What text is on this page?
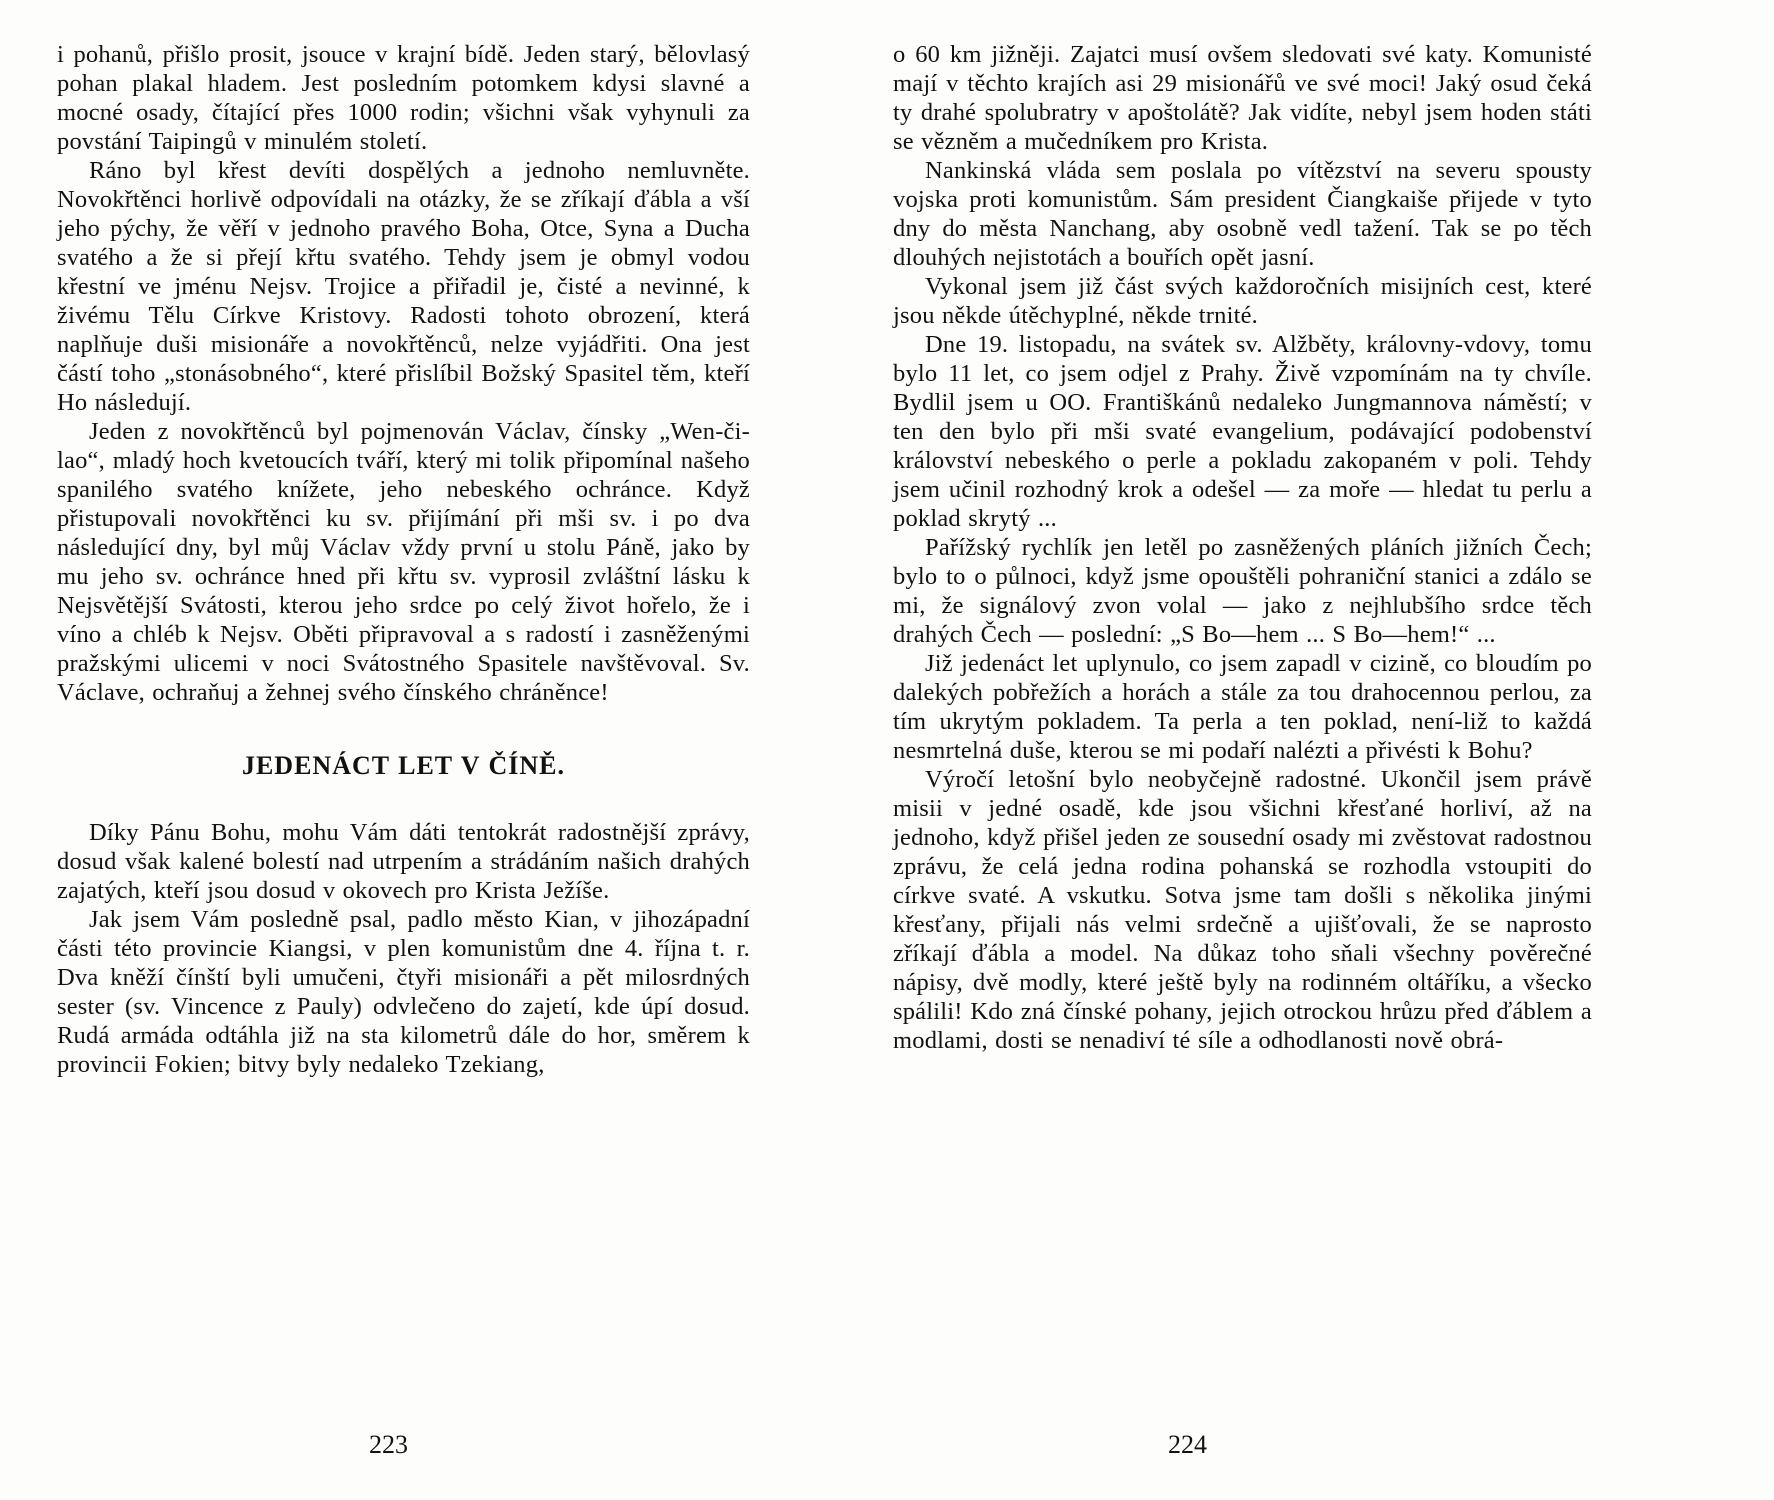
i pohanů, přišlo prosit, jsouce v krajní bídě. Jeden starý, bělovlasý pohan plakal hladem. Jest posledním potomkem kdysi slavné a mocné osady, čítající přes 1000 rodin; všichni však vyhynuli za povstání Taipingů v minulém století.

Ráno byl křest devíti dospělých a jednoho nemluvněte. Novokřtěnci horlivě odpovídali na otázky, že se zříkají ďábla a vší jeho pýchy, že věří v jednoho pravého Boha, Otce, Syna a Ducha svatého a že si přejí křtu svatého. Tehdy jsem je obmyl vodou křestní ve jménu Nejsv. Trojice a přiřadil je, čisté a nevinné, k živému Tělu Církve Kristovy. Radosti tohoto obrození, která naplňuje duši misionáře a novokřtěnců, nelze vyjádřiti. Ona jest částí toho „stonásobného“, které přislíbil Božský Spasitel těm, kteří Ho následují.

Jeden z novokřtěnců byl pojmenován Václav, čínsky „Wen-či-lao“, mladý hoch kvetoucích tváří, který mi tolik připomínal našeho spanilého svatého knížete, jeho nebeského ochránce. Když přistupovali novokřtěnci ku sv. přijímání při mši sv. i po dva následující dny, byl můj Václav vždy první u stolu Páně, jako by mu jeho sv. ochránce hned při křtu sv. vyprosil zvláštní lásku k Nejsvětější Svátosti, kterou jeho srdce po celý život hořelo, že i víno a chléb k Nejsv. Oběti připravoval a s radostí i zasněženými pražskými ulicemi v noci Svátostného Spasitele navštěvoval. Sv. Václave, ochraňuj a žehnej svého čínského chráněnce!

JEDENÁCT LET V ČÍNĚ.

Díky Pánu Bohu, mohu Vám dáti tentokrát radostnější zprávy, dosud však kalené bolestí nad utrpením a strádáním našich drahých zajatých, kteří jsou dosud v okovech pro Krista Ježíše.

Jak jsem Vám posledně psal, padlo město Kian, v jihozápadní části této provincie Kiangsi, v plen komunistům dne 4. října t. r. Dva kněží čínští byli umučeni, čtyři misionáři a pět milosrdných sester (sv. Vincence z Pauly) odvlečeno do zajetí, kde úpí dosud. Rudá armáda odtáhla již na sta kilometrů dále do hor, směrem k provincii Fokien; bitvy byly nedaleko Tzekiang,

223

o 60 km jižněji. Zajatci musí ovšem sledovati své katy. Komunisté mají v těchto krajích asi 29 misionářů ve své moci! Jaký osud čeká ty drahé spolubratry v apoštolátě? Jak vidíte, nebyl jsem hoden státi se vězněm a mučedníkem pro Krista.

Nankinská vláda sem poslala po vítězství na severu spousty vojska proti komunistům. Sám president Čiangkaiše přijede v tyto dny do města Nanchang, aby osobně vedl tažení. Tak se po těch dlouhých nejistotách a bouřích opět jasní.

Vykonal jsem již část svých každoročních misijních cest, které jsou někde útěchyplné, někde trnité.

Dne 19. listopadu, na svátek sv. Alžběty, královny-vdovy, tomu bylo 11 let, co jsem odjel z Prahy. Živě vzpomínám na ty chvíle. Bydlil jsem u OO. Františkánů nedaleko Jungmannova náměstí; v ten den bylo při mši svaté evangelium, podávající podobenství království nebeského o perle a pokladu zakopaném v poli. Tehdy jsem učinil rozhodný krok a odešel — za moře — hledat tu perlu a poklad skrytý ...

Pařížský rychlík jen letěl po zasněžených pláních jižních Čech; bylo to o půlnoci, když jsme opouštěli pohraniční stanici a zdálo se mi, že signálový zvon volal — jako z nejhlubšího srdce těch drahých Čech — poslední: „S Bo—hem ... S Bo—hem!“ ...

Již jedenáct let uplynulo, co jsem zapadl v cizině, co bloudím po dalekých pobřežích a horách a stále za tou drahocennou perlou, za tím ukrytým pokladem. Ta perla a ten poklad, není-liž to každá nesmrtelná duše, kterou se mi podaří nalézti a přivésti k Bohu?

Výročí letošní bylo neobyčejně radostné. Ukončil jsem právě misii v jedné osadě, kde jsou všichni křesťané horliví, až na jednoho, když přišel jeden ze sousední osady mi zvěstovat radostnou zprávu, že celá jedna rodina pohanská se rozhodla vstoupiti do církve svaté. A vskutku. Sotva jsme tam došli s několika jinými křesťany, přijali nás velmi srdečně a ujišťovali, že se naprosto zříkají ďábla a model. Na důkaz toho sňali všechny pověrečné nápisy, dvě modly, které ještě byly na rodinném oltáříku, a všecko spálili! Kdo zná čínské pohany, jejich otrockou hrůzu před ďáblem a modlami, dosti se nenadiví té síle a odhodlanosti nově obrá-

224
